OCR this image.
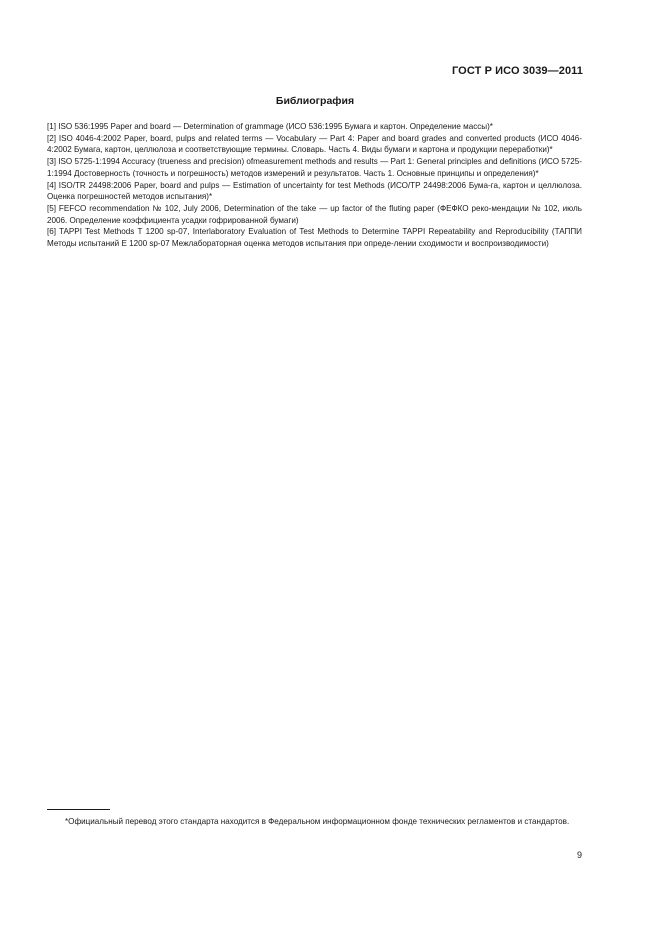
ГОСТ Р ИСО 3039—2011
Библиография
[1] ISO 536:1995 Paper and board — Determination of grammage (ИСО 536:1995 Бумага и картон. Определение массы)*
[2] ISO 4046-4:2002 Paper, board, pulps and related terms — Vocabulary — Part 4: Paper and board grades and converted products (ИСО 4046-4:2002 Бумага, картон, целлюлоза и соответствующие термины. Словарь. Часть 4. Виды бумаги и картона и продукции переработки)*
[3] ISO 5725-1:1994 Accuracy (trueness and precision) ofmeasurement methods and results — Part 1: General principles and definitions (ИСО 5725-1:1994 Достоверность (точность и погрешность) методов измерений и результатов. Часть 1. Основные принципы и определения)*
[4] ISO/TR 24498:2006 Paper, board and pulps — Estimation of uncertainty for test Methods (ИСО/ТР 24498:2006 Бума-га, картон и целлюлоза. Оценка погрешностей методов испытания)*
[5] FEFCO recommendation № 102, July 2006, Determination of the take — up factor of the fluting paper (ФЕФКО реко-мендации № 102, июль 2006. Определение коэффициента усадки гофрированной бумаги)
[6] TAPPI Test Methods T 1200 sp-07, Interlaboratory Evaluation of Test Methods to Determine TAPPI Repeatability and Reproducibility (ТАППИ Методы испытаний Е 1200 sp-07 Межлабораторная оценка методов испытания при опреде-лении сходимости и воспроизводимости)
*Официальный перевод этого стандарта находится в Федеральном информационном фонде технических регламентов и стандартов.
9
